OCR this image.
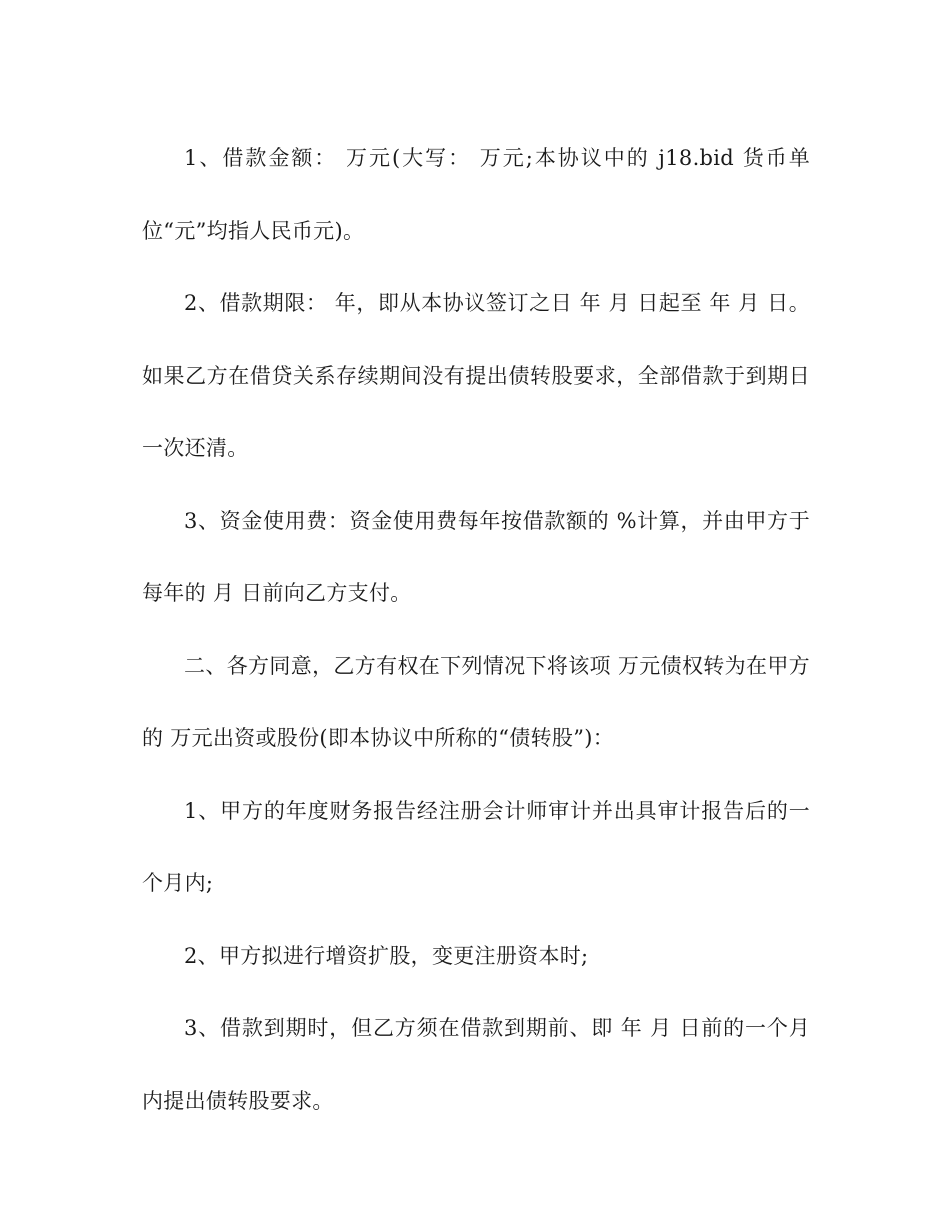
1、借款金额： 万元(大写： 万元;本协议中的 j18.bid 货币单位“元”均指人民币元)。

2、借款期限： 年，即从本协议签订之日 年 月 日起至 年 月 日。如果乙方在借贷关系存续期间没有提出债转股要求，全部借款于到期日一次还清。

3、资金使用费：资金使用费每年按借款额的 %计算，并由甲方于每年的 月 日前向乙方支付。

二、各方同意，乙方有权在下列情况下将该项 万元债权转为在甲方的 万元出资或股份(即本协议中所称的“债转股”)：

1、甲方的年度财务报告经注册会计师审计并出具审计报告后的一个月内;

2、甲方拟进行增资扩股，变更注册资本时;

3、借款到期时，但乙方须在借款到期前、即 年 月 日前的一个月内提出债转股要求。
